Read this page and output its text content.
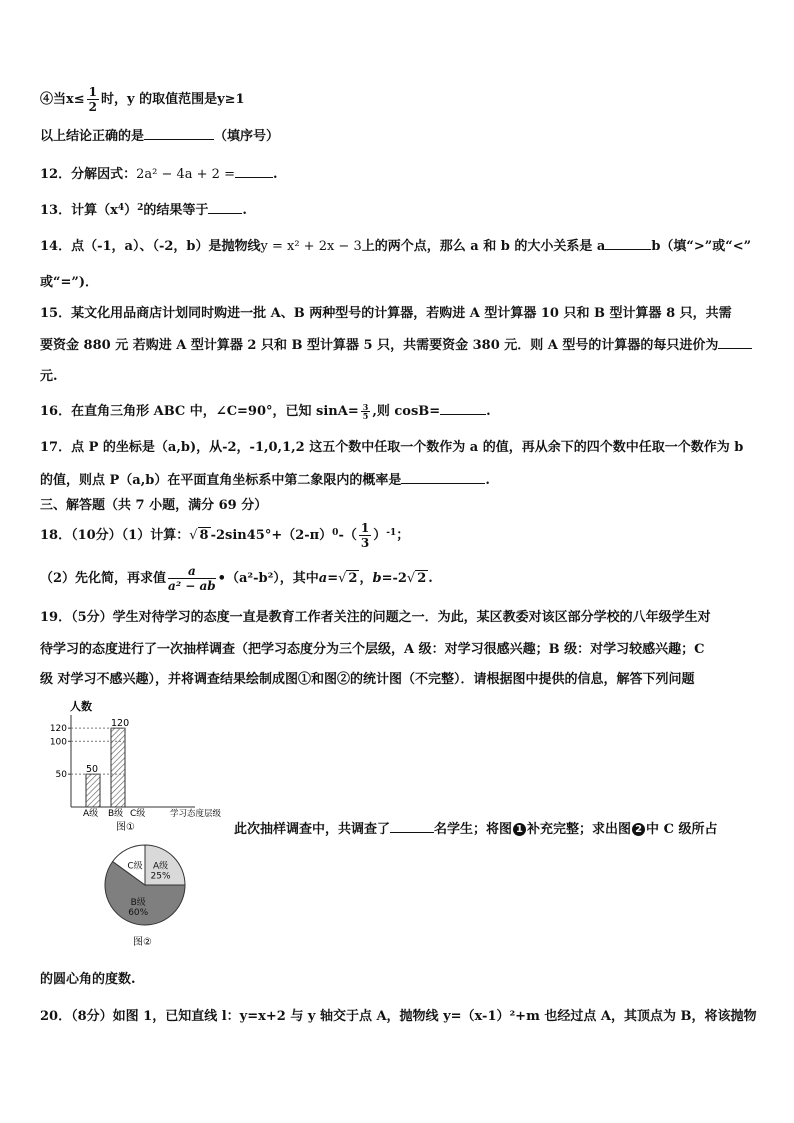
④当$x\le \frac{1}{2}$ 时，y 的取值范围是y≥1
以上结论正确的是	（填序号）
12．分解因式：2a² − 4a + 2 =	.
13．计算$(x^4)^2$的结果等于	.
14．点（-1，a）、（-2，b）是抛物线y = x² + 2x − 3上的两个点，那么 a 和 b 的大小关系是 a	b（填“>”或“<”
或“=”)．
15．某文化用品商店计划同时购进一批 A、B 两种型号的计算器，若购进 A 型计算器 10 只和 B 型计算器 8 只，共需
要资金 880 元 若购进 A 型计算器 2 只和 B 型计算器 5 只，共需要资金 380 元．则 A 型号的计算器的每只进价为
元.
16．在直角三角形 ABC 中，∠C=90°，已知 $\sin A= \frac{3}{5}$ ,则 cosB=	.
17．点 P 的坐标是（a,b)，从-2，-1,0,1,2 这五个数中任取一个数作为 a 的值，再从余下的四个数中任取一个数作为 b
的值，则点 P（a,b）在平面直角坐标系中第二象限内的概率是	.
三、解答题（共 7 小题，满分 69 分）
18．（10分）（1）计算：√ 8 $-2\sin 45^\circ+(2-\pi)^0-( \frac{1}{3} )^{-1}$；
（2）先化简，再求值 $\frac{a}{\text{a² − ab}}$ •（a²-b²），其中a=√ 2 ，b=-2√ 2 .
19．（5分）学生对待学习的态度一直是教育工作者关注的问题之一．为此，某区教委对该区部分学校的八年级学生对
待学习的态度进行了一次抽样调查（把学习态度分为三个层级，A 级：对学习很感兴趣；B 级：对学习较感兴趣；C
级 对学习不感兴趣），并将调查结果绘制成图①和图②的统计图（不完整）．请根据图中提供的信息，解答下列问题
人数
50
120
50
100
120
A级 B级 C级	学习态度层级
图①
A级
25%
B级
60%
C级
图②
此次抽样调查中，共调查了	名学生；将图 1 补充完整；求出图 2 中 C 级所占
的圆心角的度数.
20．（8分）如图 1，已知直线 l：y=x+2 与 y 轴交于点 A，抛物线 y=（x-1）²+m 也经过点 A，其顶点为 B，将该抛物
